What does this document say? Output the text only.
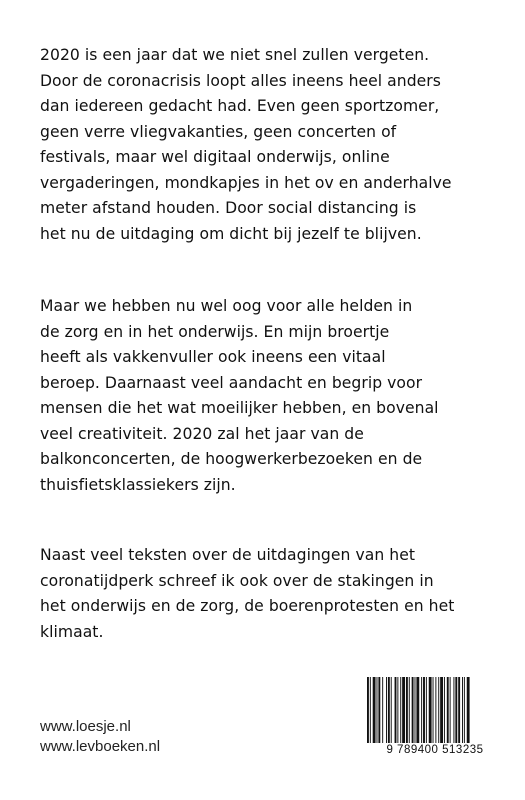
2020 is een jaar dat we niet snel zullen vergeten.
Door de coronacrisis loopt alles ineens heel anders
dan iedereen gedacht had. Even geen sportzomer,
geen verre vliegvakanties, geen concerten of
festivals, maar wel digitaal onderwijs, online
vergaderingen, mondkapjes in het ov en anderhalve
meter afstand houden. Door social distancing is
het nu de uitdaging om dicht bij jezelf te blijven.
Maar we hebben nu wel oog voor alle helden in
de zorg en in het onderwijs. En mijn broertje
heeft als vakkenvuller ook ineens een vitaal
beroep. Daarnaast veel aandacht en begrip voor
mensen die het wat moeilijker hebben, en bovenal
veel creativiteit. 2020 zal het jaar van de
balkonconcerten, de hoogwerkerbezoeken en de
thuisfietsklassiekers zijn.
Naast veel teksten over de uitdagingen van het
coronatijdperk schreef ik ook over de stakingen in
het onderwijs en de zorg, de boerenprotesten en het
klimaat.
www.loesje.nl
www.levboeken.nl	9 789400 513235
